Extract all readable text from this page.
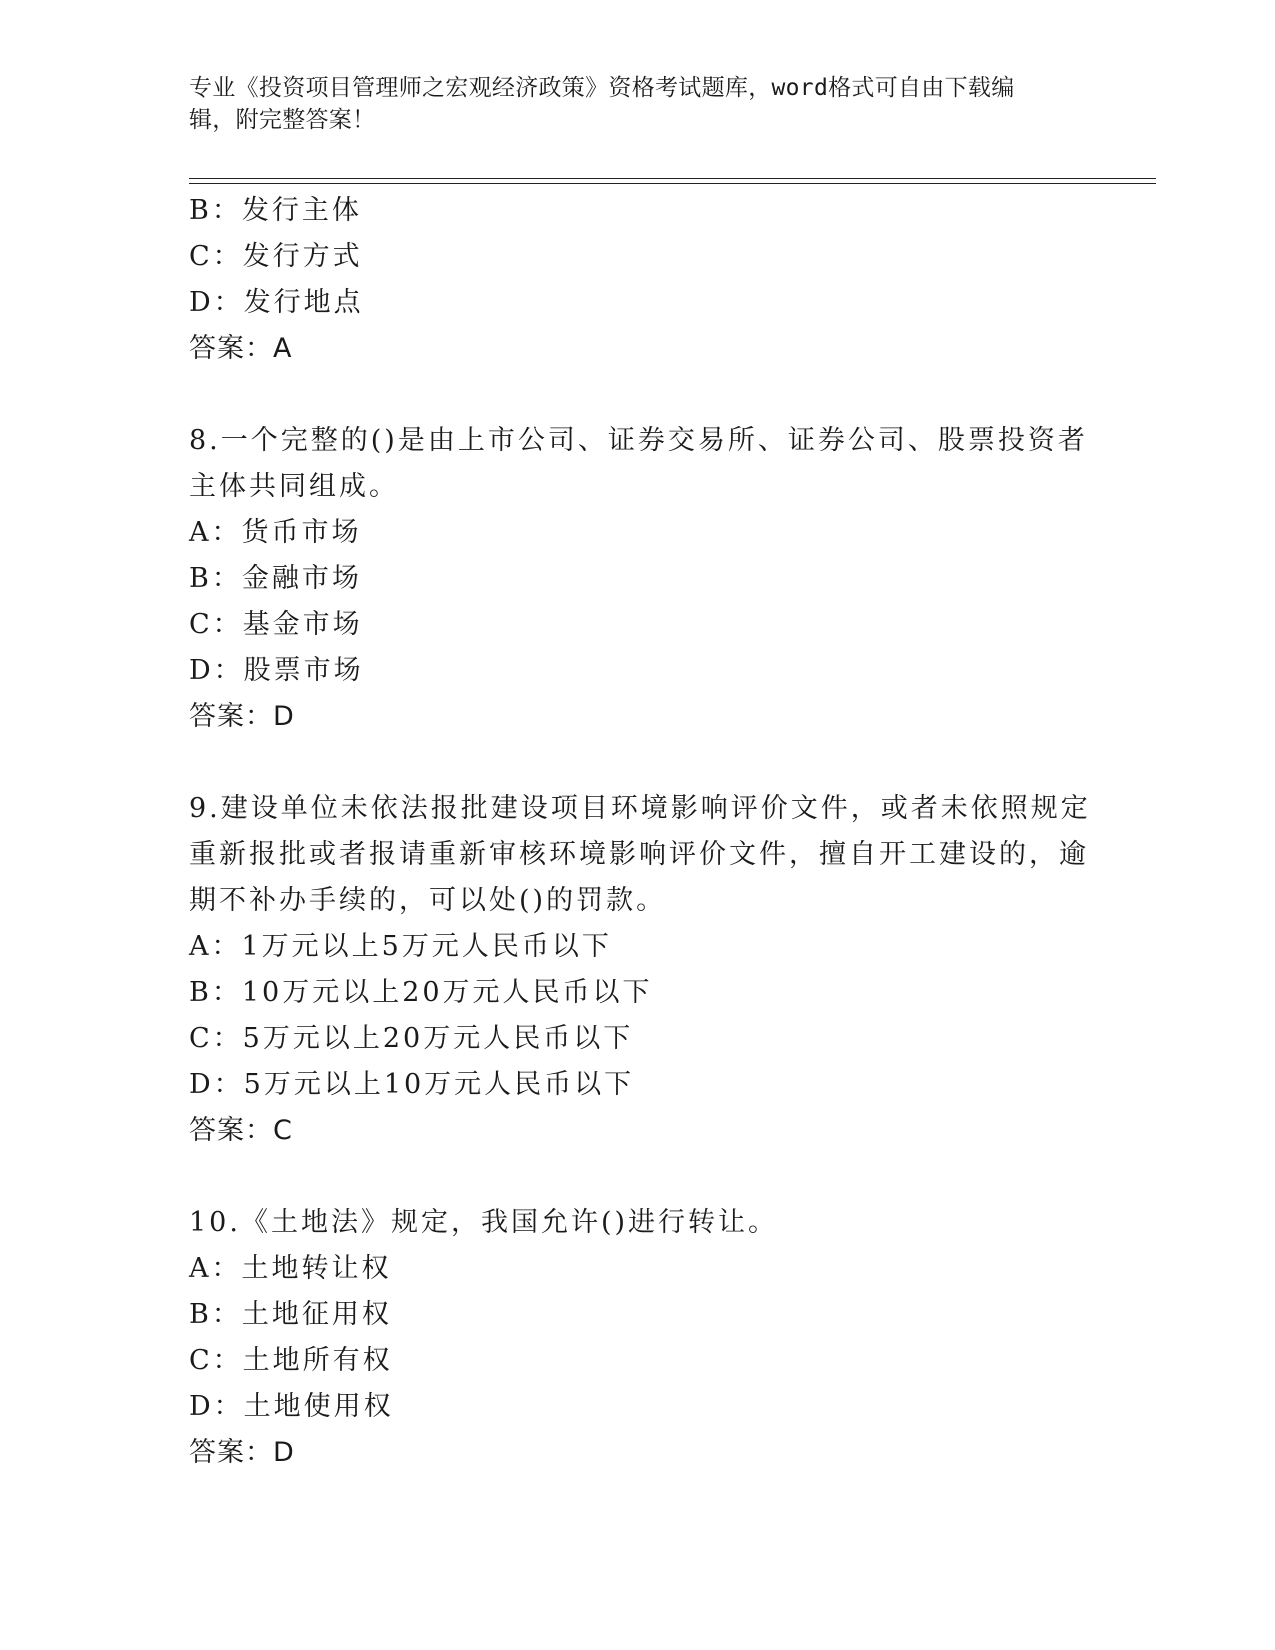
专业《投资项目管理师之宏观经济政策》资格考试题库，word格式可自由下载编
辑，附完整答案！
B：发行主体
C：发行方式
D：发行地点
答案：A
8.一个完整的()是由上市公司、证券交易所、证券公司、股票投资者
主体共同组成。
A：货币市场
B：金融市场
C：基金市场
D：股票市场
答案：D
9.建设单位未依法报批建设项目环境影响评价文件，或者未依照规定
重新报批或者报请重新审核环境影响评价文件，擅自开工建设的，逾
期不补办手续的，可以处()的罚款。
A：1万元以上5万元人民币以下
B：10万元以上20万元人民币以下
C：5万元以上20万元人民币以下
D：5万元以上10万元人民币以下
答案：C
10.《土地法》规定，我国允许()进行转让。
A：土地转让权
B：土地征用权
C：土地所有权
D：土地使用权
答案：D
